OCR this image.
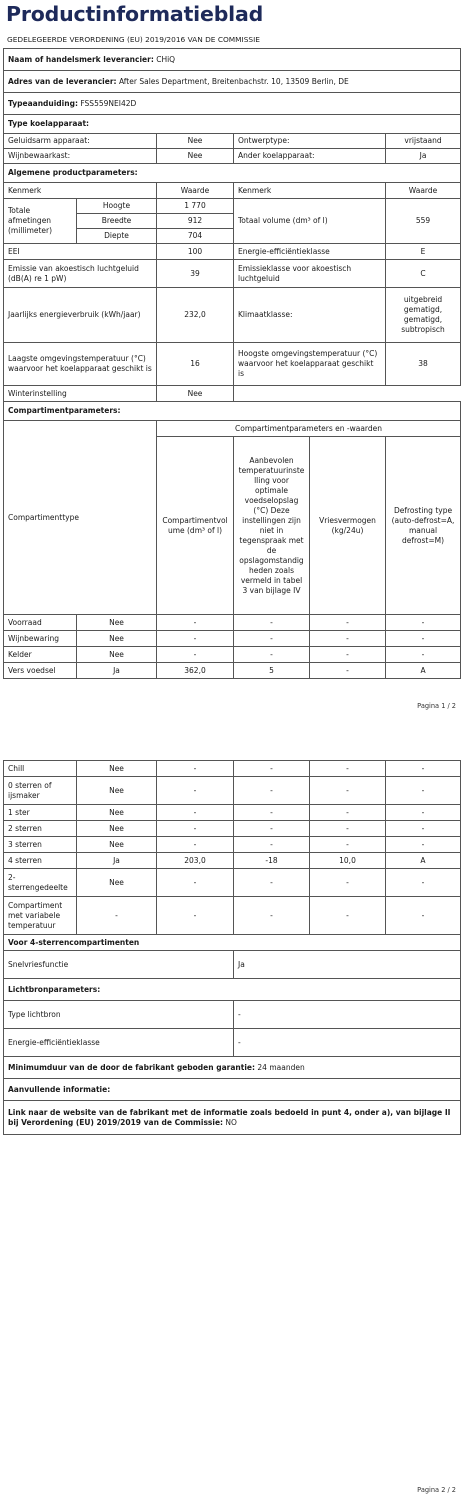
Productinformatieblad
GEDELEGEERDE VERORDENING (EU) 2019/2016 VAN DE COMMISSIE
Naam of handelsmerk leverancier: CHiQ					
Adres van de leverancier: After Sales Department, Breitenbachstr. 10, 13509 Berlin, DE					
Typeaanduiding: FSS559NEI42D					
Type koelapparaat:					
Geluidsarm apparaat:		Nee	Ontwerptype:		vrijstaand
Wijnbewaarkast:		Nee	Ander koelapparaat:		Ja
Algemene productparameters:					
Kenmerk		Waarde	Kenmerk		Waarde
Totale afmetingen (millimeter)	Hoogte	1 770	Totaal volume (dm³ of l)		559
	Breedte	912			
	Diepte	704			
EEI		100	Energie-efficiëntieklasse		E
Emissie van akoestisch luchtgeluid (dB(A) re 1 pW)		39	Emissieklasse voor akoestisch luchtgeluid		C
Jaarlijks energieverbruik (kWh/jaar)		232,0	Klimaatklasse:		uitgebreid gematigd, gematigd, subtropisch
Laagste omgevingstemperatuur (°C) waarvoor het koelapparaat geschikt is		16	Hoogste omgevingstemperatuur (°C) waarvoor het koelapparaat geschikt is		38
Winterinstelling		Nee			
Compartimentparameters:					
Compartimenttype		Compartimentparameters en -waarden			
		Compartimentvolume (dm³ of l)	Aanbevolen temperatuurinstelling voor optimale voedselopslag (°C) Deze instellingen zijn niet in tegenspraak met de opslagomstandigheden zoals vermeld in tabel 3 van bijlage IV	Vriesvermogen (kg/24u)	Defrosting type (auto-defrost=A, manual defrost=M)
Voorraad	Nee	-	-	-	-
Wijnbewaring	Nee	-	-	-	-
Kelder	Nee	-	-	-	-
Vers voedsel	Ja	362,0	5	-	A
Pagina 1 / 2
Chill	Nee	-	-	-	-
0 sterren of ijsmaker	Nee	-	-	-	-
1 ster	Nee	-	-	-	-
2 sterren	Nee	-	-	-	-
3 sterren	Nee	-	-	-	-
4 sterren	Ja	203,0	-18	10,0	A
2-sterrengedeelte	Nee	-	-	-	-
Compartiment met variabele temperatuur	-	-	-	-	-
Voor 4-sterrencompartimenten					
Snelvriesfunctie			Ja		
Lichtbronparameters:					
Type lichtbron			-		
Energie-efficiëntieklasse			-		
Minimumduur van de door de fabrikant geboden garantie: 24 maanden					
Aanvullende informatie:					
Link naar de website van de fabrikant met de informatie zoals bedoeld in punt 4, onder a), van bijlage II bij Verordening (EU) 2019/2019 van de Commissie: NO					
Pagina 2 / 2
